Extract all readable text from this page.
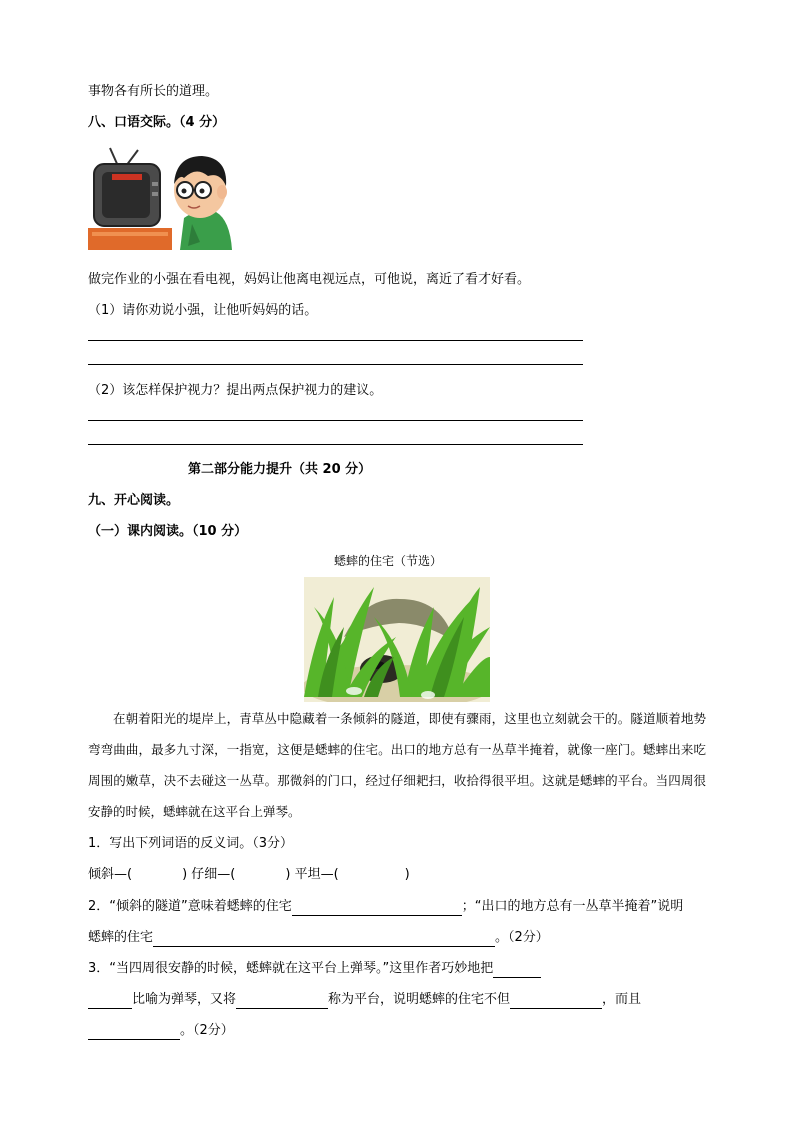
事物各有所长的道理。
八、口语交际。（4 分）
做完作业的小强在看电视，妈妈让他离电视远点，可他说，离近了看才好看。
（1）请你劝说小强，让他听妈妈的话。
（2）该怎样保护视力？提出两点保护视力的建议。
第二部分能力提升（共 20 分）
九、开心阅读。
（一）课内阅读。（10 分）
蟋蟀的住宅（节选）

在朝着阳光的堤岸上，青草丛中隐藏着一条倾斜的隧道，即使有骤雨，这里也立刻就会干的。隧道顺着地势弯弯曲曲，最多九寸深，一指宽，这便是蟋蟀的住宅。出口的地方总有一丛草半掩着，就像一座门。蟋蟀出来吃周围的嫩草，决不去碰这一丛草。那微斜的门口，经过仔细耙扫，收拾得很平坦。这就是蟋蟀的平台。当四周很安静的时候，蟋蟀就在这平台上弹琴。

1．写出下列词语的反义词。（3分）
倾斜—(	) 仔细—(	) 平坦—(	)
2．“倾斜的隧道”意味着蟋蟀的住宅	；“出口的地方总有一丛草半掩着”说明
蟋蟀的住宅	。（2分）
3．“当四周很安静的时候，蟋蟀就在这平台上弹琴。”这里作者巧妙地把
比喻为弹琴，又将	称为平台，说明蟋蟀的住宅不但	，而且
。（2分）
